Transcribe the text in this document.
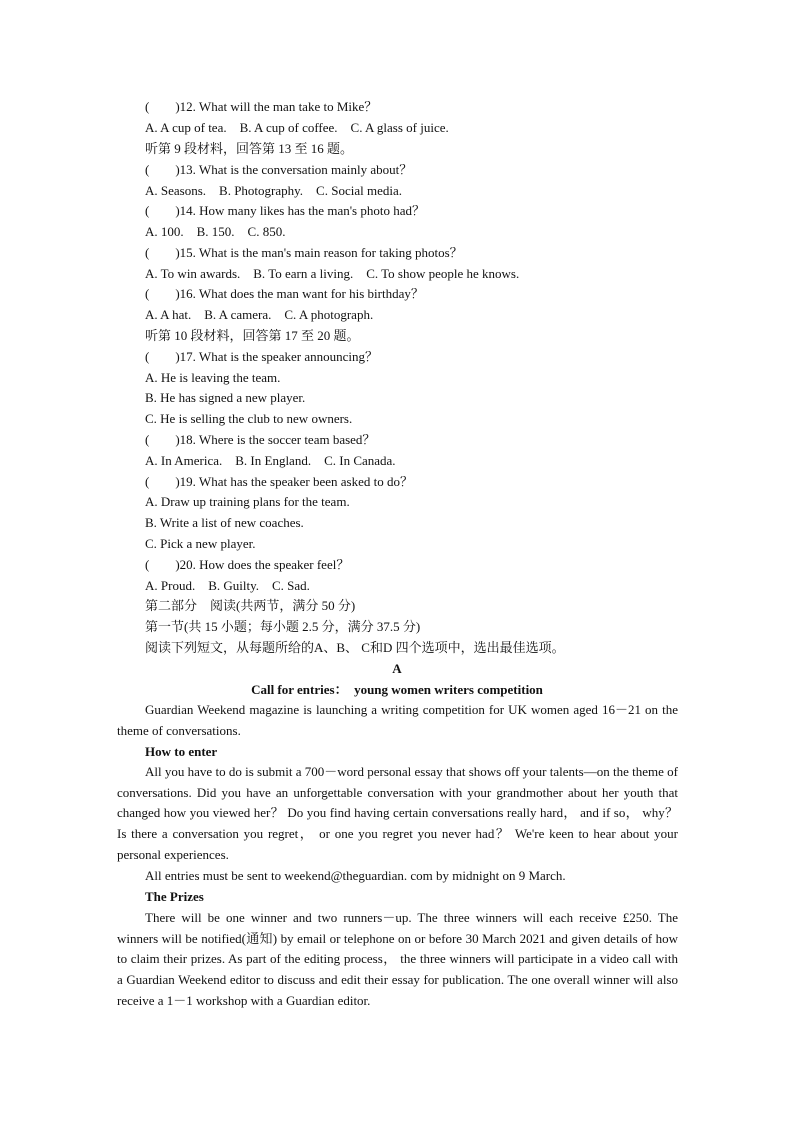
(　　)12. What will the man take to Mike？
A. A cup of tea.    B. A cup of coffee.    C. A glass of juice.
听第 9 段材料，回答第 13 至 16 题。
(　　)13. What is the conversation mainly about？
A. Seasons.    B. Photography.    C. Social media.
(　　)14. How many likes has the man's photo had？
A. 100.    B. 150.    C. 850.
(　　)15. What is the man's main reason for taking photos？
A. To win awards.    B. To earn a living.    C. To show people he knows.
(　　)16. What does the man want for his birthday？
A. A hat.    B. A camera.    C. A photograph.
听第 10 段材料，回答第 17 至 20 题。
(　　)17. What is the speaker announcing？
A. He is leaving the team.
B. He has signed a new player.
C. He is selling the club to new owners.
(　　)18. Where is the soccer team based？
A. In America.    B. In England.    C. In Canada.
(　　)19. What has the speaker been asked to do？
A. Draw up training plans for the team.
B. Write a list of new coaches.
C. Pick a new player.
(　　)20. How does the speaker feel？
A. Proud.    B. Guilty.    C. Sad.
第二部分　阅读(共两节，满分 50 分)
第一节(共 15 小题；每小题 2.5 分，满分 37.5 分)
阅读下列短文，从每题所给的A、B、 C和D 四个选项中，选出最佳选项。
A
Call for entries：　young women writers competition
Guardian Weekend magazine is launching a writing competition for UK women aged 16－21 on the theme of conversations.
How to enter
All you have to do is submit a 700－word personal essay that shows off your talents—on the theme of conversations. Did you have an unforgettable conversation with your grandmother about her youth that changed how you viewed her？ Do you find having certain conversations really hard， and if so， why？ Is there a conversation you regret， or one you regret you never had？ We're keen to hear about your personal experiences.
All entries must be sent to weekend@theguardian. com by midnight on 9 March.
The Prizes
There will be one winner and two runners－up. The three winners will each receive £250. The winners will be notified(通知) by email or telephone on or before 30 March 2021 and given details of how to claim their prizes. As part of the editing process， the three winners will participate in a video call with a Guardian Weekend editor to discuss and edit their essay for publication. The one overall winner will also receive a 1－1 workshop with a Guardian editor.
